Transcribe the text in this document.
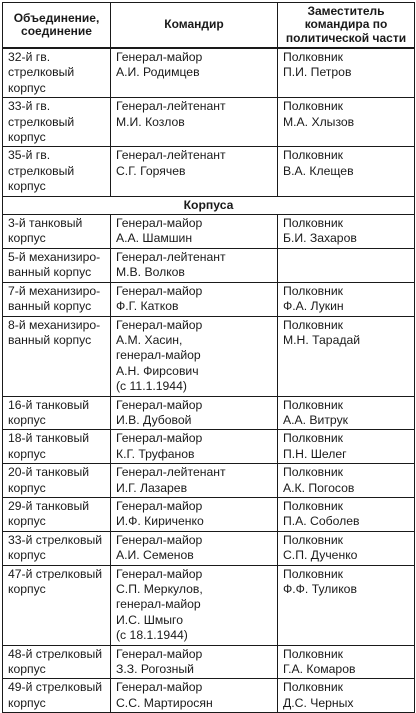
Объединение, соединение	Командир	Заместитель командира по политической части

32-й гв.
стрелковый
корпус	Генерал-майор
А.И. Родимцев	Полковник
П.И. Петров

33-й гв.
стрелковый
корпус	Генерал-лейтенант
М.И. Козлов	Полковник
М.А. Хлызов

35-й гв.
стрелковый
корпус	Генерал-лейтенант
С.Г. Горячев	Полковник
В.А. Клещев

Корпуса		

3-й танковый
корпус	Генерал-майор
А.А. Шамшин	Полковник
Б.И. Захаров

5-й механизиро-
ванный корпус	Генерал-лейтенант
М.В. Волков	

7-й механизиро-
ванный корпус	Генерал-майор
Ф.Г. Катков	Полковник
Ф.А. Лукин

8-й механизиро-
ванный корпус	Генерал-майор
А.М. Хасин,
генерал-майор
А.Н. Фирсович
(с 11.1.1944)	Полковник
М.Н. Тарадай

16-й танковый
корпус	Генерал-майор
И.В. Дубовой	Полковник
А.А. Витрук

18-й танковый
корпус	Генерал-майор
К.Г. Труфанов	Полковник
П.Н. Шелег

20-й танковый
корпус	Генерал-лейтенант
И.Г. Лазарев	Полковник
А.К. Погосов

29-й танковый
корпус	Генерал-майор
И.Ф. Кириченко	Полковник
П.А. Соболев

33-й стрелковый
корпус	Генерал-майор
А.И. Семенов	Полковник
С.П. Дученко

47-й стрелковый
корпус	Генерал-майор
С.П. Меркулов,
генерал-майор
И.С. Шмыго
(с 18.1.1944)	Полковник
Ф.Ф. Туликов

48-й стрелковый
корпус	Генерал-майор
З.З. Рогозный	Полковник
Г.А. Комаров

49-й стрелковый
корпус	Генерал-майор
С.С. Мартиросян	Полковник
Д.С. Черных
